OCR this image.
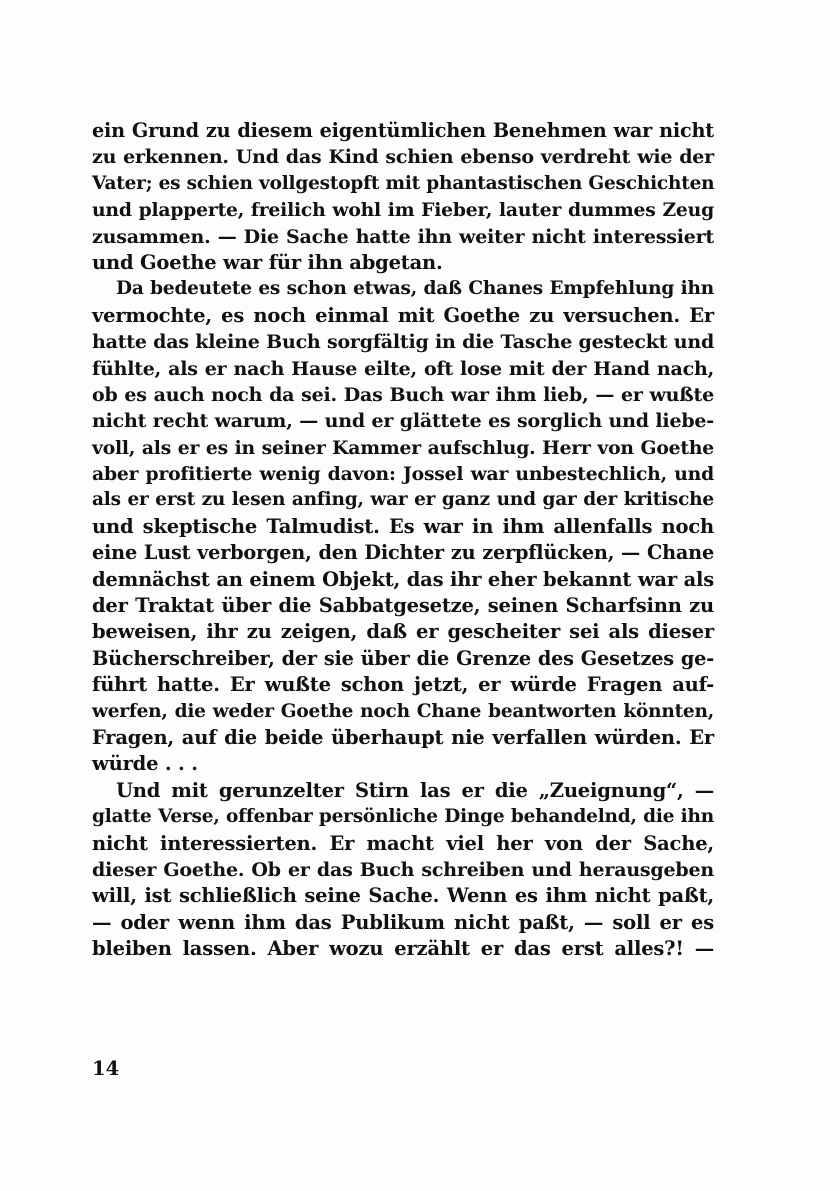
ein Grund zu diesem eigentümlichen Benehmen war nicht
zu erkennen. Und das Kind schien ebenso verdreht wie der
Vater; es schien vollgestopft mit phantastischen Geschichten
und plapperte, freilich wohl im Fieber, lauter dummes Zeug
zusammen. — Die Sache hatte ihn weiter nicht interessiert
und Goethe war für ihn abgetan.
Da bedeutete es schon etwas, daß Chanes Empfehlung ihn
vermochte, es noch einmal mit Goethe zu versuchen. Er
hatte das kleine Buch sorgfältig in die Tasche gesteckt und
fühlte, als er nach Hause eilte, oft lose mit der Hand nach,
ob es auch noch da sei. Das Buch war ihm lieb, — er wußte
nicht recht warum, — und er glättete es sorglich und liebe-
voll, als er es in seiner Kammer aufschlug. Herr von Goethe
aber profitierte wenig davon: Jossel war unbestechlich, und
als er erst zu lesen anfing, war er ganz und gar der kritische
und skeptische Talmudist. Es war in ihm allenfalls noch
eine Lust verborgen, den Dichter zu zerpflücken, — Chane
demnächst an einem Objekt, das ihr eher bekannt war als
der Traktat über die Sabbatgesetze, seinen Scharfsinn zu
beweisen, ihr zu zeigen, daß er gescheiter sei als dieser
Bücherschreiber, der sie über die Grenze des Gesetzes ge-
führt hatte. Er wußte schon jetzt, er würde Fragen auf-
werfen, die weder Goethe noch Chane beantworten könnten,
Fragen, auf die beide überhaupt nie verfallen würden. Er
würde . . .
Und mit gerunzelter Stirn las er die „Zueignung“, —
glatte Verse, offenbar persönliche Dinge behandelnd, die ihn
nicht interessierten. Er macht viel her von der Sache,
dieser Goethe. Ob er das Buch schreiben und herausgeben
will, ist schließlich seine Sache. Wenn es ihm nicht paßt,
— oder wenn ihm das Publikum nicht paßt, — soll er es
bleiben lassen. Aber wozu erzählt er das erst alles?! —
14
